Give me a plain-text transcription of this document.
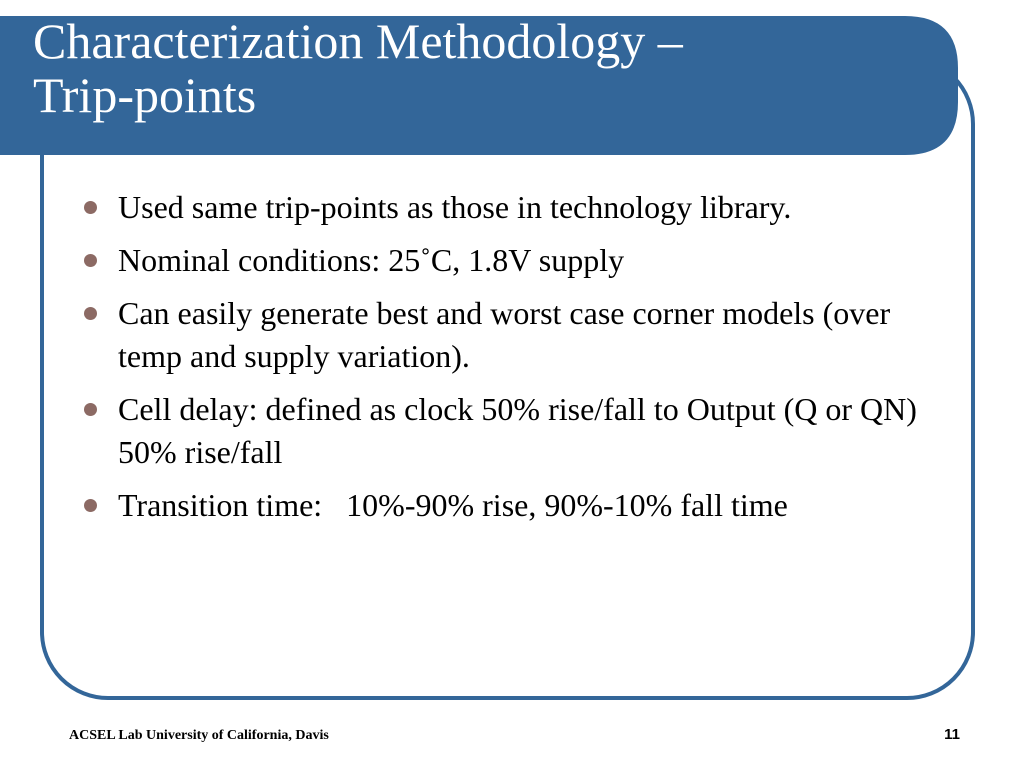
Characterization Methodology –
Trip-points
Used same trip-points as those in technology library.
Nominal conditions: 25˚C, 1.8V supply
Can easily generate best and worst case corner models (over temp and supply variation).
Cell delay: defined as clock 50% rise/fall to Output (Q or QN) 50% rise/fall
Transition time:   10%-90% rise, 90%-10% fall time
ACSEL Lab University of California, Davis	11
